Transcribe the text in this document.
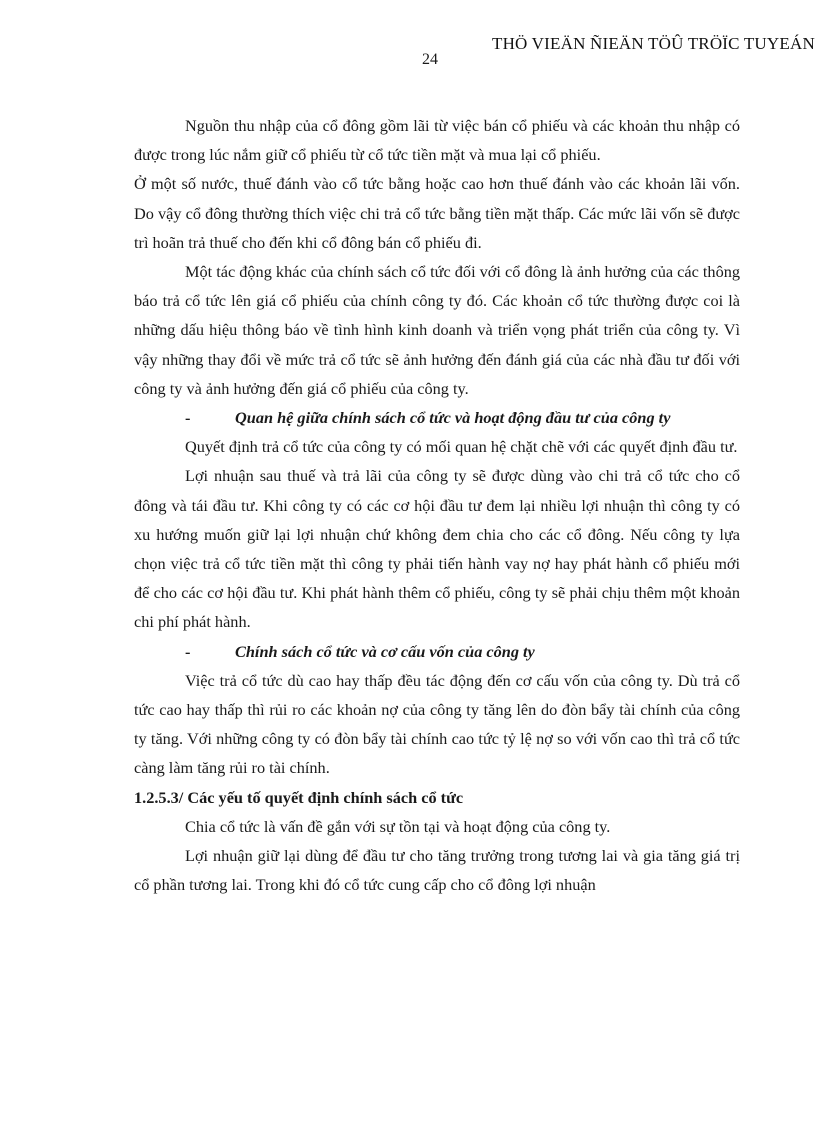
THÖ VIEÄN ÑIEÄN TÖÛ TRÖÏC TUYEÁN
24

Nguồn thu nhập của cổ đông gồm lãi từ việc bán cổ phiếu và các khoản thu nhập có được trong lúc nắm giữ cổ phiếu từ cổ tức tiền mặt và mua lại cổ phiếu.

Ở một số nước, thuế đánh vào cổ tức bằng hoặc cao hơn thuế đánh vào các khoản lãi vốn. Do vậy cổ đông thường thích việc chi trả cổ tức bằng tiền mặt thấp. Các mức lãi vốn sẽ được trì hoãn trả thuế cho đến khi cổ đông bán cổ phiếu đi.

Một tác động khác của chính sách cổ tức đối với cổ đông là ảnh hưởng của các thông báo trả cổ tức lên giá cổ phiếu của chính công ty đó. Các khoản cổ tức thường được coi là những dấu hiệu thông báo về tình hình kinh doanh và triển vọng phát triển của công ty. Vì vậy những thay đổi về mức trả cổ tức sẽ ảnh hưởng đến đánh giá của các nhà đầu tư đối với công ty và ảnh hưởng đến giá cổ phiếu của công ty.

-	Quan hệ giữa chính sách cổ tức và hoạt động đầu tư của công ty

Quyết định trả cổ tức của công ty có mối quan hệ chặt chẽ với các quyết định đầu tư.

Lợi nhuận sau thuế và trả lãi của công ty sẽ được dùng vào chi trả cổ tức cho cổ đông và tái đầu tư. Khi công ty có các cơ hội đầu tư đem lại nhiều lợi nhuận thì công ty có xu hướng muốn giữ lại lợi nhuận chứ không đem chia cho các cổ đông. Nếu công ty lựa chọn việc trả cổ tức tiền mặt thì công ty phải tiến hành vay nợ hay phát hành cổ phiếu mới để cho các cơ hội đầu tư. Khi phát hành thêm cổ phiếu, công ty sẽ phải chịu thêm một khoản chi phí phát hành.

-	Chính sách cổ tức và cơ cấu vốn của công ty

Việc trả cổ tức dù cao hay thấp đều tác động đến cơ cấu vốn của công ty. Dù trả cổ tức cao hay thấp thì rủi ro các khoản nợ của công ty tăng lên do đòn bẩy tài chính của công ty tăng. Với những công ty có đòn bẩy tài chính cao tức tỷ lệ nợ so với vốn cao thì trả cổ tức càng làm tăng rủi ro tài chính.

1.2.5.3/ Các yếu tố quyết định chính sách cổ tức

Chia cổ tức là vấn đề gắn với sự tồn tại và hoạt động của công ty.

Lợi nhuận giữ lại dùng để đầu tư cho tăng trưởng trong tương lai và gia tăng giá trị cổ phần tương lai. Trong khi đó cổ tức cung cấp cho cổ đông lợi nhuận
